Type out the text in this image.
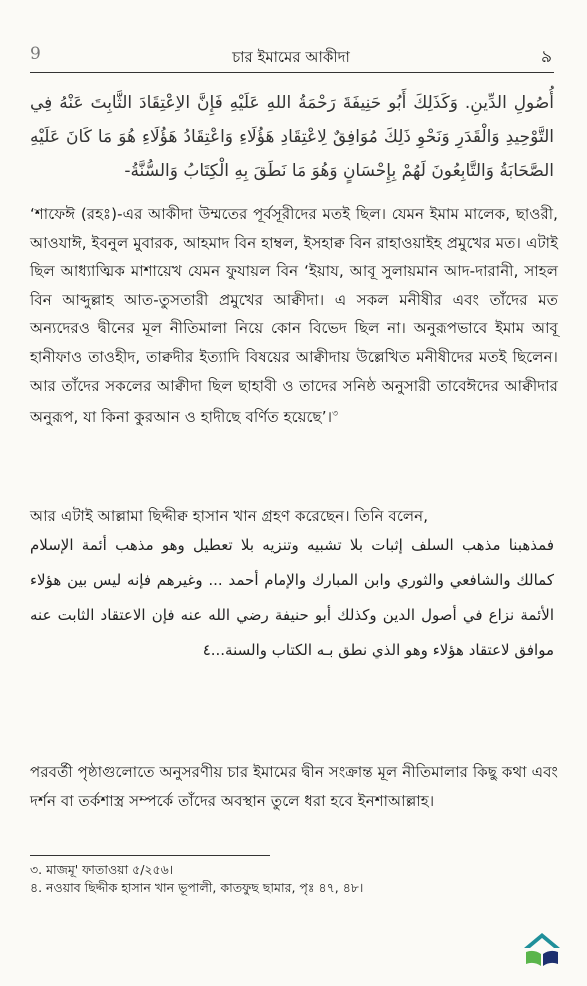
9	চার ইমামের আকীদা	৯
أُصُولِ الدِّينِ. وَكَذَلِكَ أَبُو حَنِيفَةَ رَحْمَةُ اللهِ عَلَيْهِ فَإِنَّ الاِعْتِقَادَ الثَّابِتَ عَنْهُ فِي التَّوْحِيدِ وَالْقَدَرِ وَنَحْوِ ذَلِكَ مُوَافِقٌ لِاعْتِقَادِ هَؤُلَاءِ وَاعْتِقَادُ هَؤُلَاءِ هُوَ مَا كَانَ عَلَيْهِ الصَّحَابَةُ وَالتَّابِعُونَ لَهُمْ بِإِحْسَانٍ وَهُوَ مَا نَطَقَ بِهِ الْكِتَابُ وَالسُّنَّةُ-
‘শাফেঈ (রহঃ)-এর আকীদা উম্মতের পূর্বসূরীদের মতই ছিল। যেমন ইমাম মালেক, ছাওরী, আওযাঈ, ইবনুল মুবারক, আহমাদ বিন হাম্বল, ইসহাক্ব বিন রাহাওয়াইহ প্রমুখের মত। এটাই ছিল আধ্যাত্মিক মাশায়েখ যেমন ফুযায়ল বিন ‘ইয়ায, আবূ সুলায়মান আদ-দারানী, সাহল বিন আব্দুল্লাহ আত-তুসতারী প্রমুখের আক্বীদা। এ সকল মনীষীর এবং তাঁদের মত অন্যদেরও দ্বীনের মূল নীতিমালা নিয়ে কোন বিভেদ ছিল না। অনুরূপভাবে ইমাম আবূ হানীফাও তাওহীদ, তাক্বদীর ইত্যাদি বিষয়ের আক্বীদায় উল্লেখিত মনীষীদের মতই ছিলেন। আর তাঁদের সকলের আক্বীদা ছিল ছাহাবী ও তাদের সনিষ্ঠ অনুসারী তাবেঈদের আক্বীদার অনুরূপ, যা কিনা কুরআন ও হাদীছে বর্ণিত হয়েছে’।$^৩$
আর এটাই আল্লামা ছিদ্দীক্ব হাসান খান গ্রহণ করেছেন। তিনি বলেন,
فمذهبنا مذهب السلف إثبات بلا تشبيه وتنزيه بلا تعطيل وهو مذهب أئمة الإسلام كمالك والشافعي والثوري وابن المبارك والإمام أحمد ... وغيرهم فإنه ليس بين هؤلاء الأئمة نزاع في أصول الدين وكذلك أبو حنيفة رضي الله عنه فإن الاعتقاد الثابت عنه موافق لاعتقاد هؤلاء وهو الذي نطق بـه الكتاب والسنة...٤
পরবর্তী পৃষ্ঠাগুলোতে অনুসরণীয় চার ইমামের দ্বীন সংক্রান্ত মূল নীতিমালার কিছু কথা এবং দর্শন বা তর্কশাস্ত্র সম্পর্কে তাঁদের অবস্থান তুলে ধরা হবে ইনশাআল্লাহ।
৩. মাজমূ' ফাতাওয়া ৫/২৫৬।
৪. নওয়াব ছিদ্দীক হাসান খান ভূপালী, কাতফুছ ছামার, পৃঃ ৪৭, ৪৮।
